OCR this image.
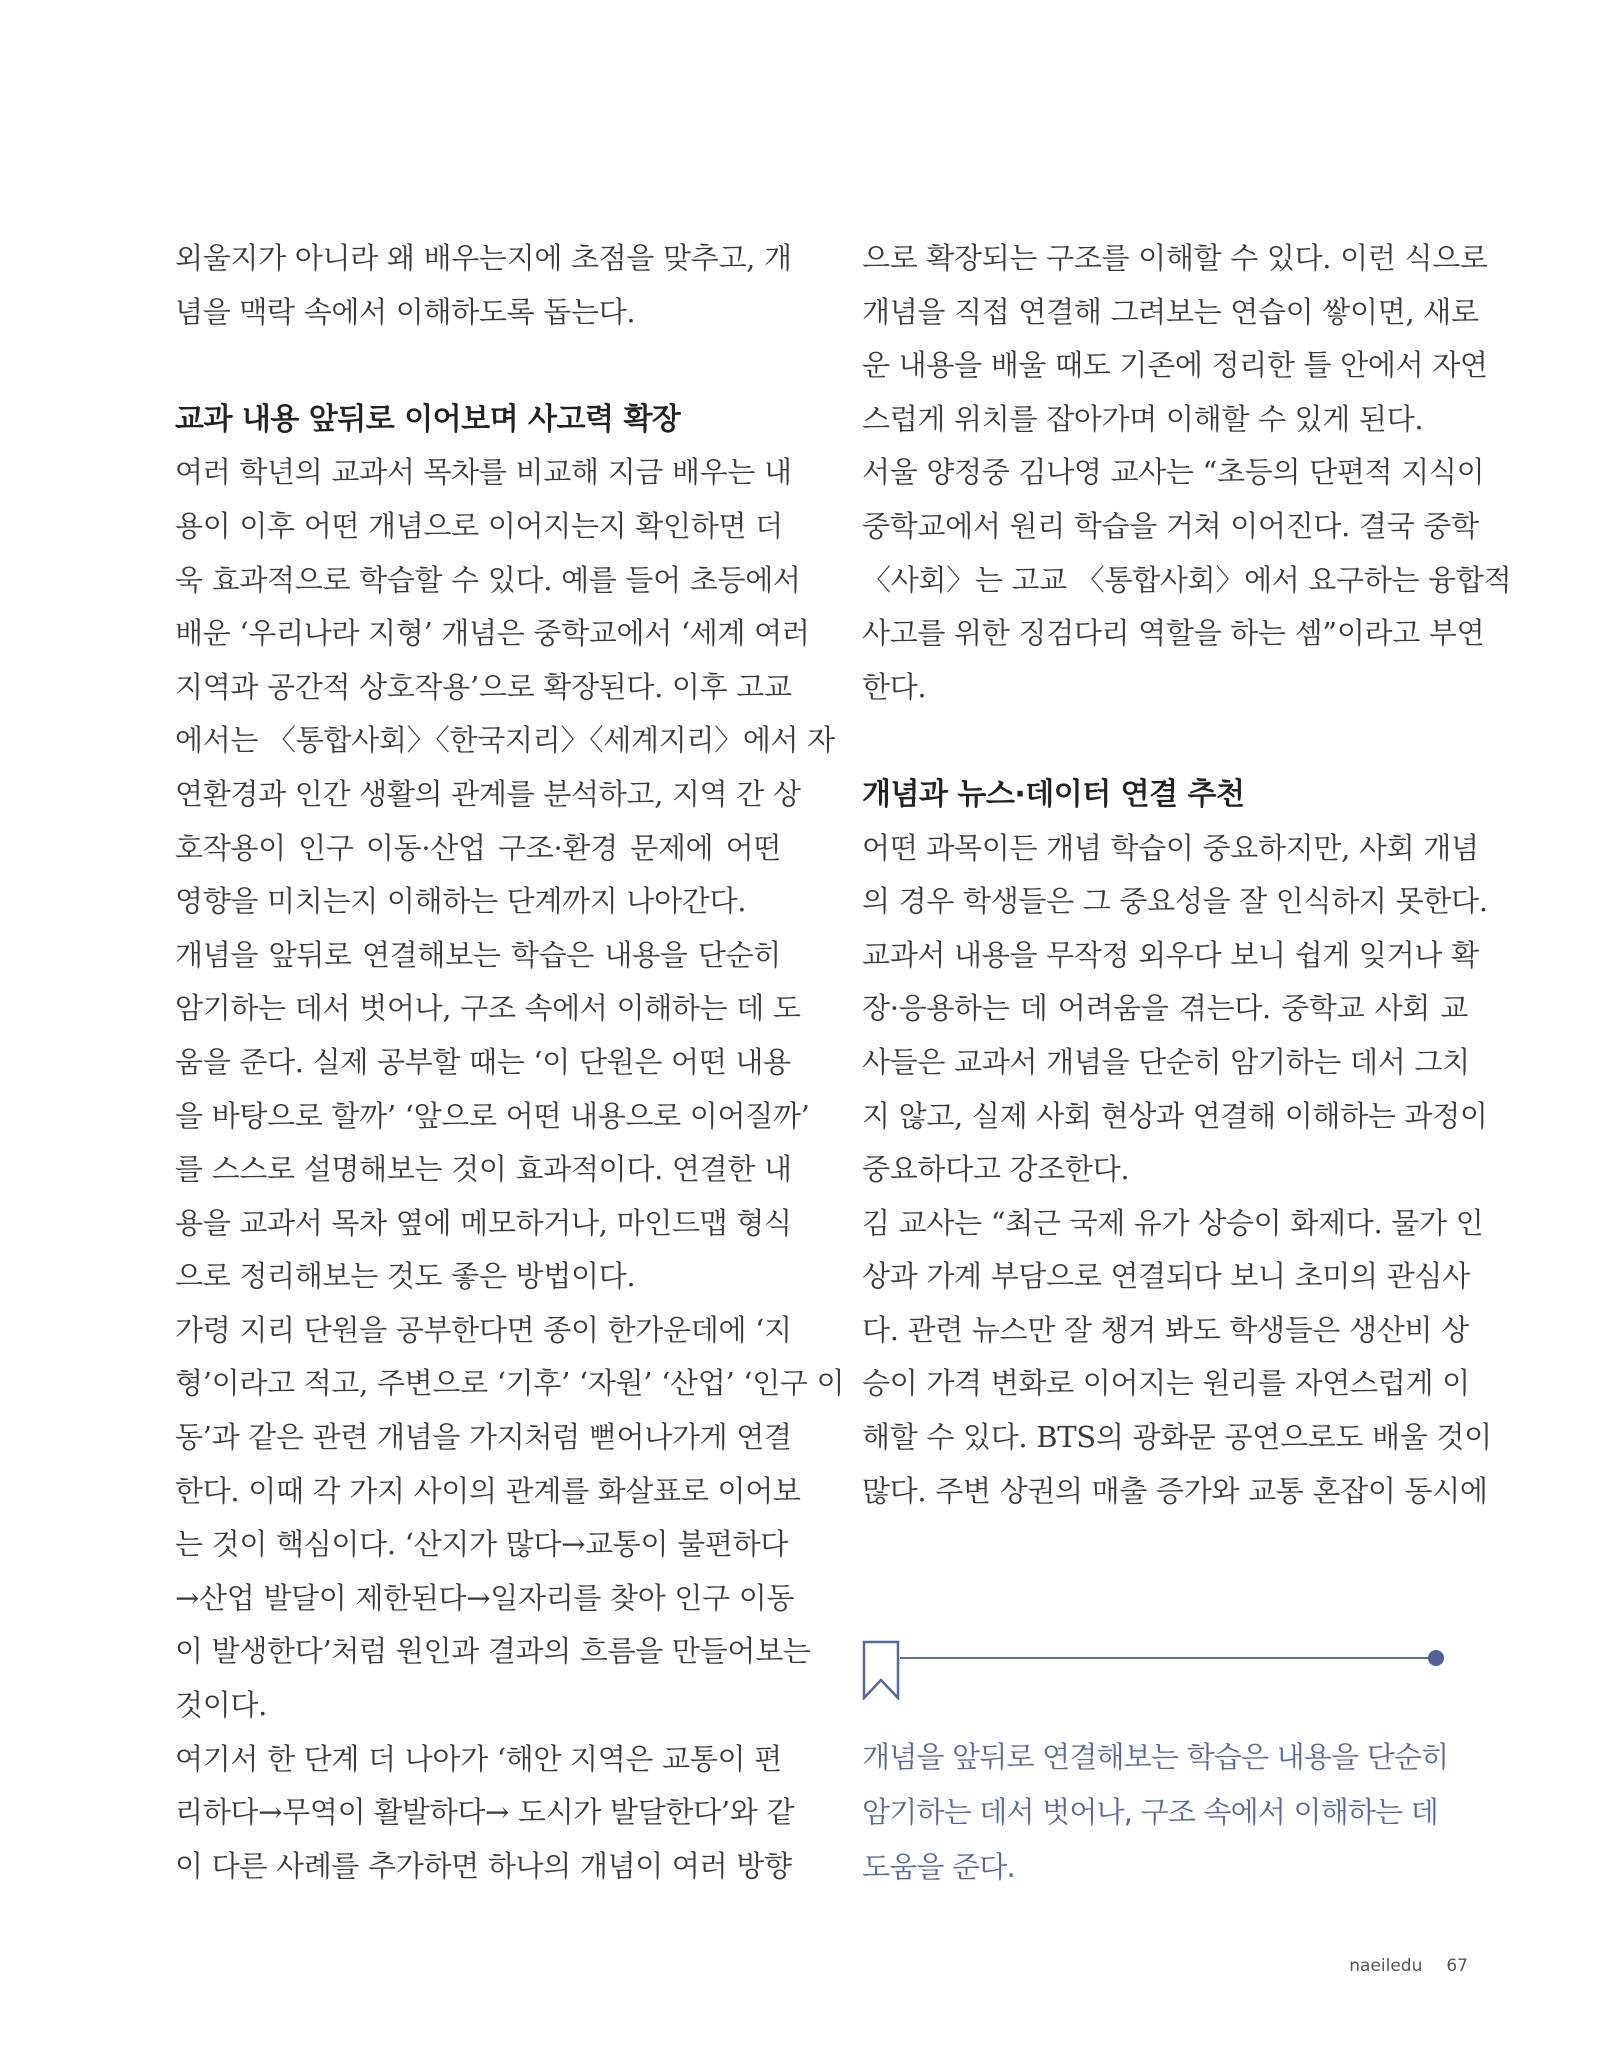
외울지가 아니라 왜 배우는지에 초점을 맞추고, 개
념을 맥락 속에서 이해하도록 돕는다.
교과 내용 앞뒤로 이어보며 사고력 확장
여러 학년의 교과서 목차를 비교해 지금 배우는 내
용이 이후 어떤 개념으로 이어지는지 확인하면 더
욱 효과적으로 학습할 수 있다. 예를 들어 초등에서
배운 ‘우리나라 지형’ 개념은 중학교에서 ‘세계 여러
지역과 공간적 상호작용’으로 확장된다. 이후 고교
에서는 〈통합사회〉〈한국지리〉〈세계지리〉에서 자
연환경과 인간 생활의 관계를 분석하고, 지역 간 상
호작용이 인구 이동·산업 구조·환경 문제에 어떤
영향을 미치는지 이해하는 단계까지 나아간다.
개념을 앞뒤로 연결해보는 학습은 내용을 단순히
암기하는 데서 벗어나, 구조 속에서 이해하는 데 도
움을 준다. 실제 공부할 때는 ‘이 단원은 어떤 내용
을 바탕으로 할까’ ‘앞으로 어떤 내용으로 이어질까’
를 스스로 설명해보는 것이 효과적이다. 연결한 내
용을 교과서 목차 옆에 메모하거나, 마인드맵 형식
으로 정리해보는 것도 좋은 방법이다.
가령 지리 단원을 공부한다면 종이 한가운데에 ‘지
형’이라고 적고, 주변으로 ‘기후’ ‘자원’ ‘산업’ ‘인구 이
동’과 같은 관련 개념을 가지처럼 뻗어나가게 연결
한다. 이때 각 가지 사이의 관계를 화살표로 이어보
는 것이 핵심이다. ‘산지가 많다→교통이 불편하다
→산업 발달이 제한된다→일자리를 찾아 인구 이동
이 발생한다’처럼 원인과 결과의 흐름을 만들어보는
것이다.
여기서 한 단계 더 나아가 ‘해안 지역은 교통이 편
리하다→무역이 활발하다→ 도시가 발달한다’와 같
이 다른 사례를 추가하면 하나의 개념이 여러 방향
으로 확장되는 구조를 이해할 수 있다. 이런 식으로
개념을 직접 연결해 그려보는 연습이 쌓이면, 새로
운 내용을 배울 때도 기존에 정리한 틀 안에서 자연
스럽게 위치를 잡아가며 이해할 수 있게 된다.
서울 양정중 김나영 교사는 “초등의 단편적 지식이
중학교에서 원리 학습을 거쳐 이어진다. 결국 중학
〈사회〉는 고교 〈통합사회〉에서 요구하는 융합적
사고를 위한 징검다리 역할을 하는 셈”이라고 부연
한다.
개념과 뉴스·데이터 연결 추천
어떤 과목이든 개념 학습이 중요하지만, 사회 개념
의 경우 학생들은 그 중요성을 잘 인식하지 못한다.
교과서 내용을 무작정 외우다 보니 쉽게 잊거나 확
장·응용하는 데 어려움을 겪는다. 중학교 사회 교
사들은 교과서 개념을 단순히 암기하는 데서 그치
지 않고, 실제 사회 현상과 연결해 이해하는 과정이
중요하다고 강조한다.
김 교사는 “최근 국제 유가 상승이 화제다. 물가 인
상과 가계 부담으로 연결되다 보니 초미의 관심사
다. 관련 뉴스만 잘 챙겨 봐도 학생들은 생산비 상
승이 가격 변화로 이어지는 원리를 자연스럽게 이
해할 수 있다. BTS의 광화문 공연으로도 배울 것이
많다. 주변 상권의 매출 증가와 교통 혼잡이 동시에
개념을 앞뒤로 연결해보는 학습은 내용을 단순히
암기하는 데서 벗어나, 구조 속에서 이해하는 데
도움을 준다.
naeiledu 67
